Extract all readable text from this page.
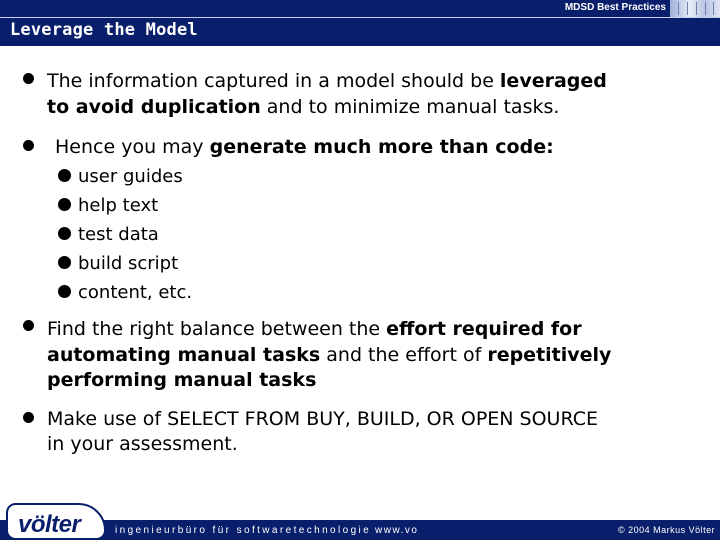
MDSD Best Practices
Leverage the Model
The information captured in a model should be leveraged
to avoid duplication and to minimize manual tasks.
Hence you may generate much more than code:
user guides
help text
test data
build script
content, etc.
Find the right balance between the effort required for
automating manual tasks and the effort of repetitively
performing manual tasks
Make use of SELECT FROM BUY, BUILD, OR OPEN SOURCE
in your assessment.
völter	ingenieurbüro für softwaretechnologie www.vo	© 2004 Markus Völter
